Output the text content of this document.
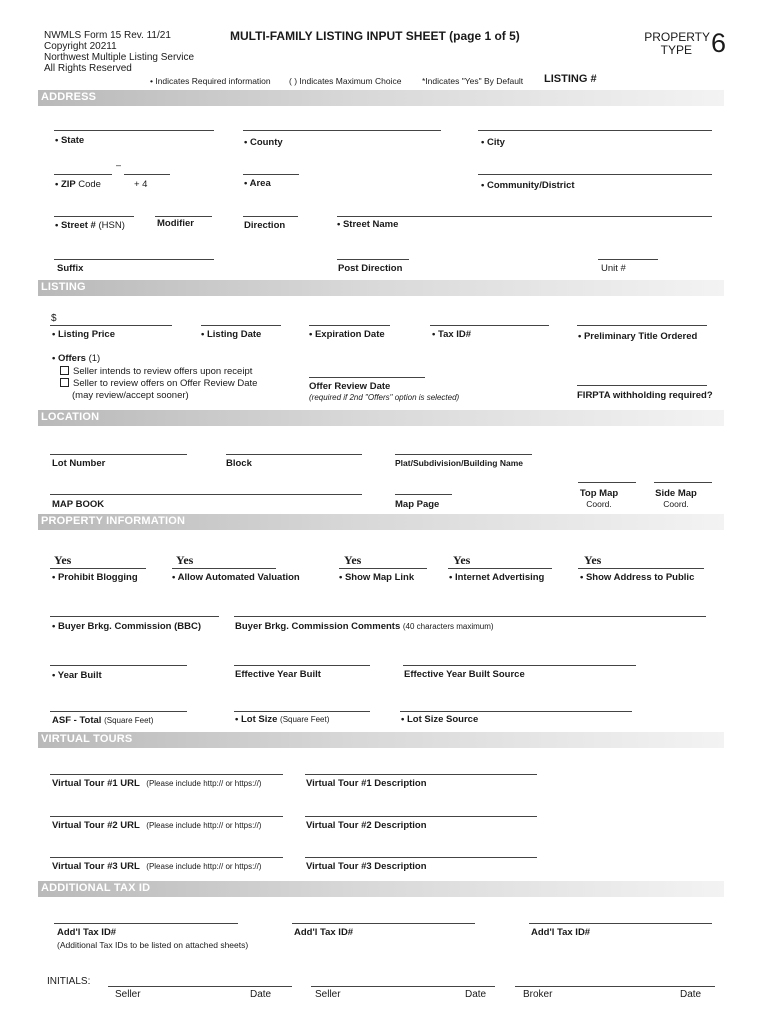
NWMLS Form 15 Rev. 11/21
Copyright 20211
Northwest Multiple Listing Service
All Rights Reserved
MULTI-FAMILY LISTING INPUT SHEET (page 1 of 5)	PROPERTY
TYPE 6
• Indicates Required information ( ) Indicates Maximum Choice *Indicates "Yes" By Default LISTING #
ADDRESS
• State	• County	• City
–
• ZIP Code	+ 4	• Area	• Community/District
• Street # (HSN)	Modifier	Direction	• Street Name
Suffix	Post Direction	Unit #
LISTING
$
• Listing Price	• Listing Date	• Expiration Date	• Tax ID#	• Preliminary Title Ordered
• Offers (1)
Seller intends to review offers upon receipt
Seller to review offers on Offer Review Date
(may review/accept sooner)
Offer Review Date
(required if 2nd "Offers" option is selected)	FIRPTA withholding required?
LOCATION
Lot Number	Block	Plat/Subdivision/Building Name
MAP BOOK	Map Page
Top Map
Coord.
Side Map
Coord.
PROPERTY INFORMATION
Yes	Yes	Yes	Yes	Yes
• Prohibit Blogging	• Allow Automated Valuation	• Show Map Link	• Internet Advertising	• Show Address to Public
• Buyer Brkg. Commission (BBC)	Buyer Brkg. Commission Comments (40 characters maximum)
• Year Built	Effective Year Built	Effective Year Built Source
ASF - Total (Square Feet)	• Lot Size (Square Feet)	• Lot Size Source
VIRTUAL TOURS
Virtual Tour #1 URL (Please include http:// or https://)	Virtual Tour #1 Description
Virtual Tour #2 URL (Please include http:// or https://)	Virtual Tour #2 Description
Virtual Tour #3 URL (Please include http:// or https://)	Virtual Tour #3 Description
ADDITIONAL TAX ID
Add'l Tax ID#	Add'l Tax ID#	Add'l Tax ID#
(Additional Tax IDs to be listed on attached sheets)
INITIALS:
Seller	Date	Seller	Date	Broker	Date
